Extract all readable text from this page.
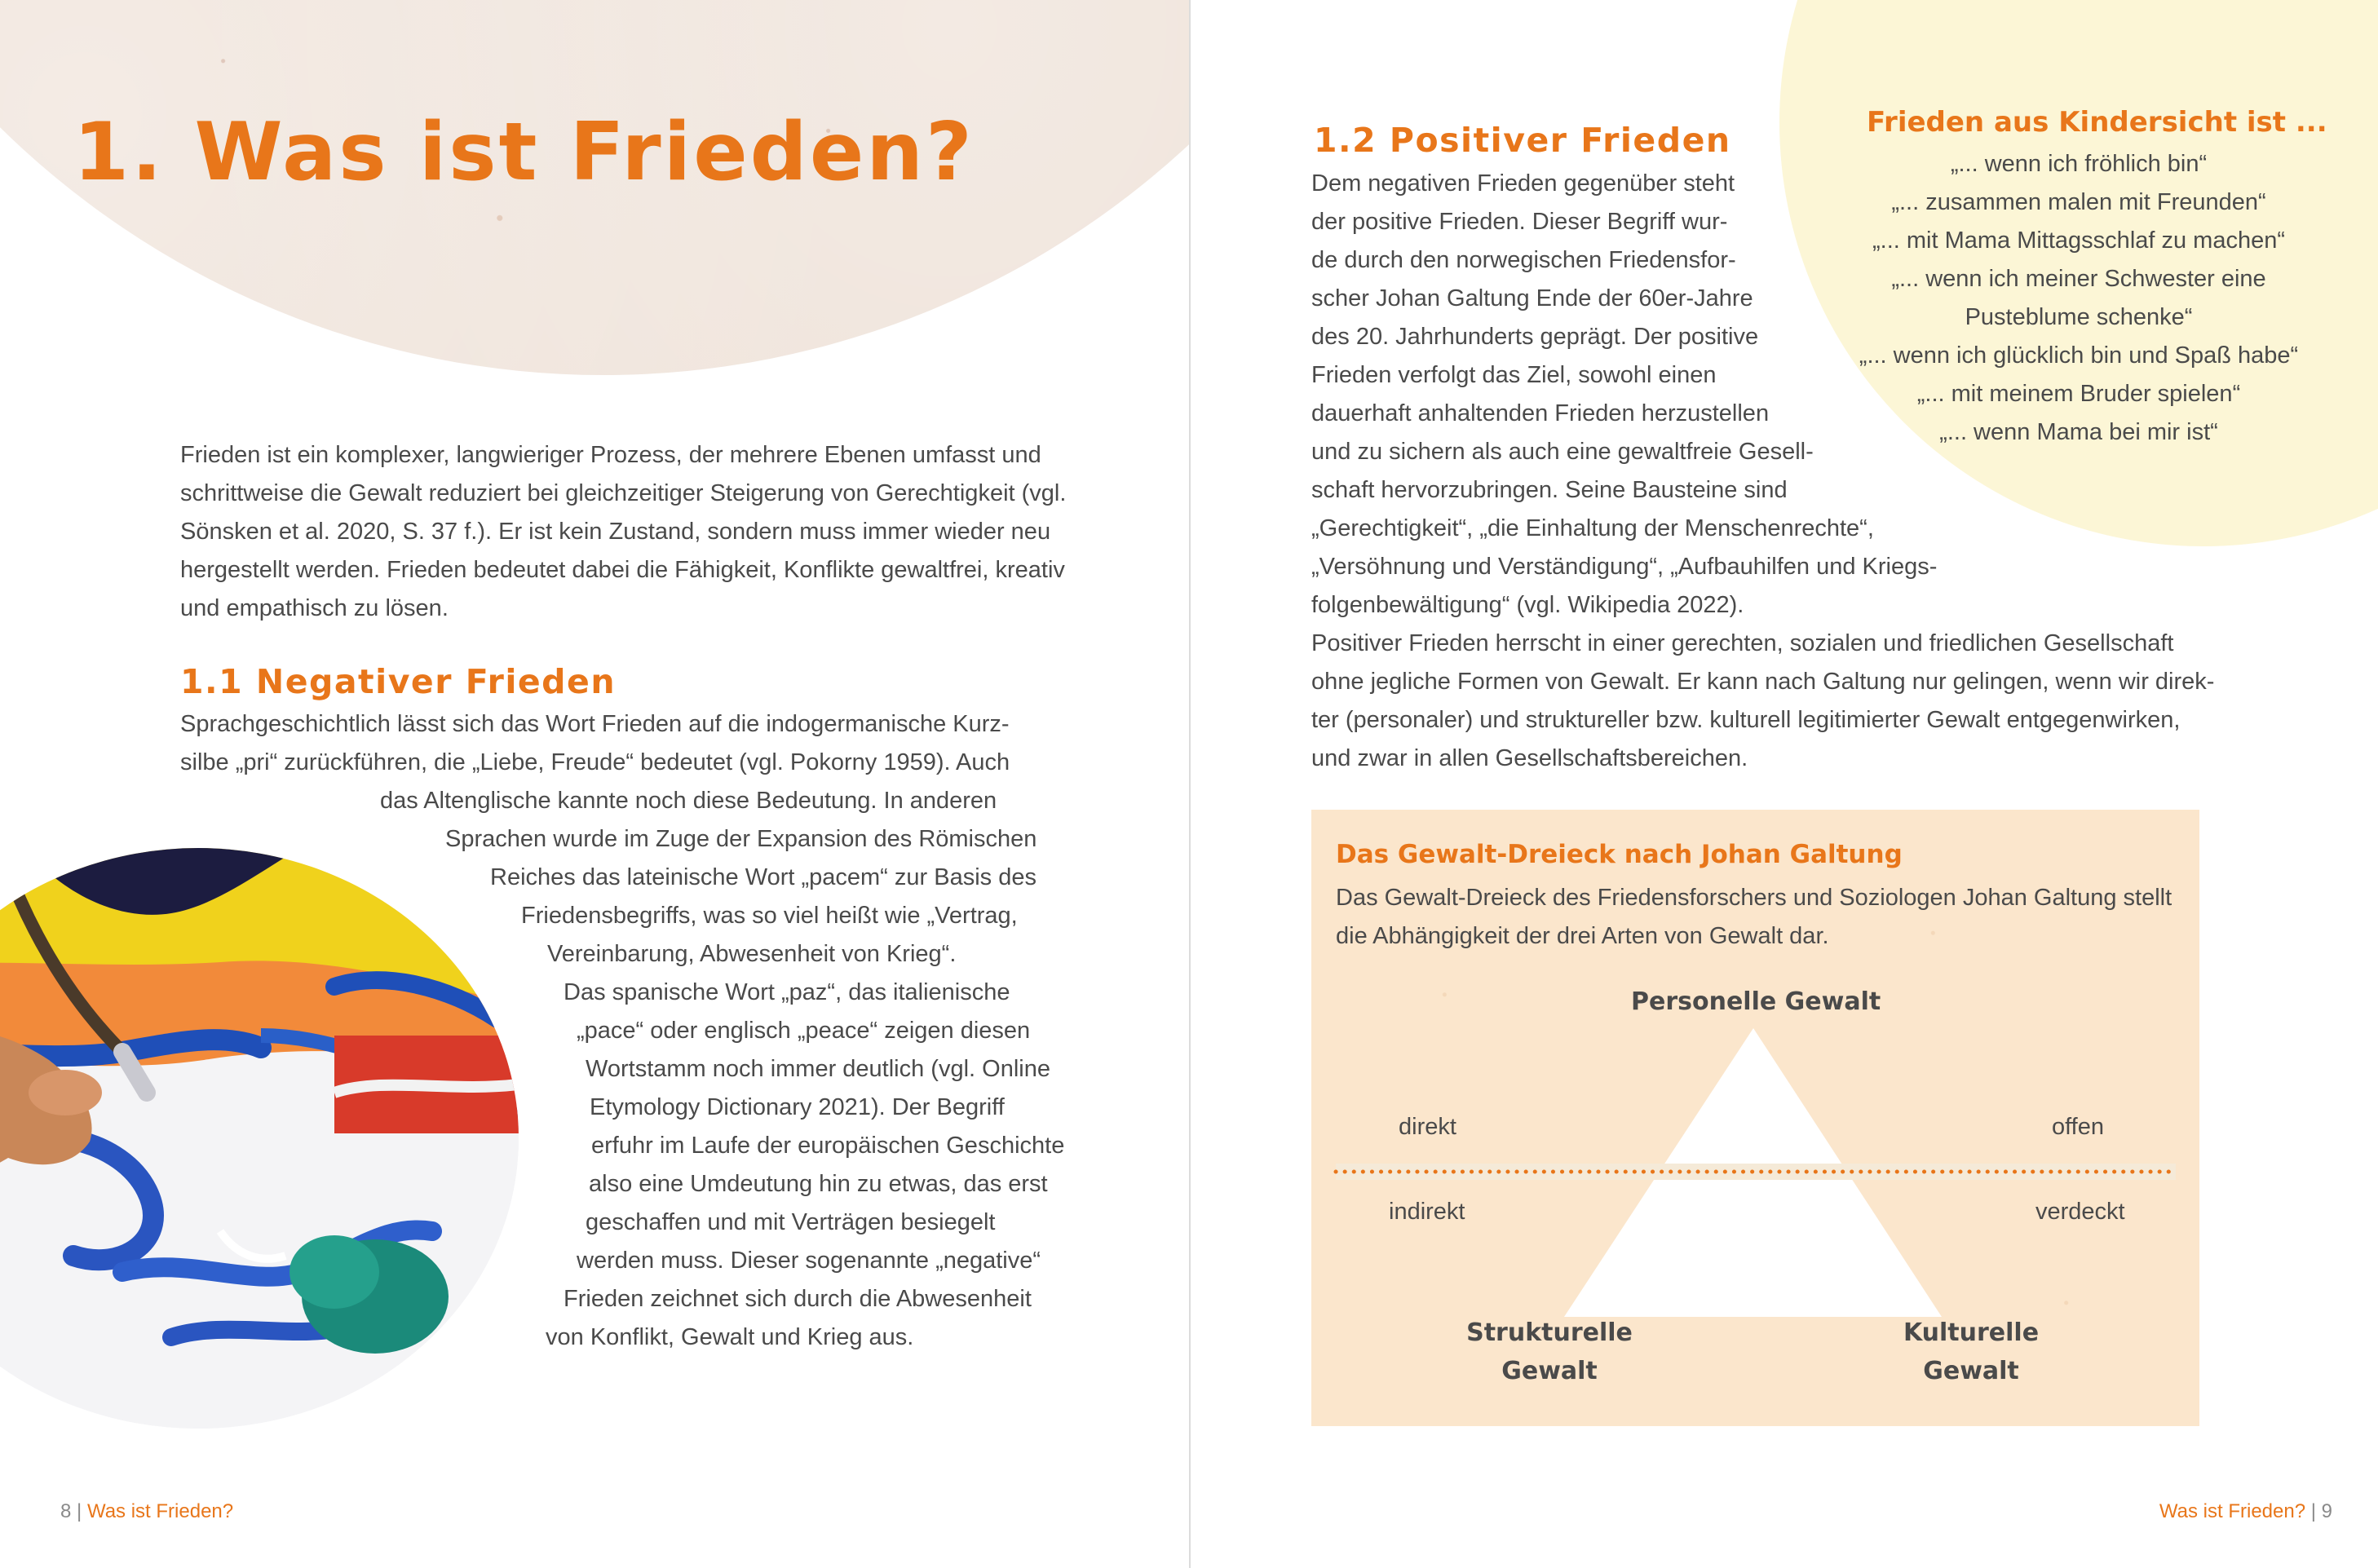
1. Was ist Frieden?
Frieden ist ein komplexer, langwieriger Prozess, der mehrere Ebenen umfasst und
schrittweise die Gewalt reduziert bei gleichzeitiger Steigerung von Gerechtigkeit (vgl.
Sönsken et al. 2020, S. 37 f.). Er ist kein Zustand, sondern muss immer wieder neu
hergestellt werden. Frieden bedeutet dabei die Fähigkeit, Konflikte gewaltfrei, kreativ
und empathisch zu lösen.
1.1 Negativer Frieden
Sprachgeschichtlich lässt sich das Wort Frieden auf die indogermanische Kurz-
silbe „pri“ zurückführen, die „Liebe, Freude“ bedeutet (vgl. Pokorny 1959). Auch
das Altenglische kannte noch diese Bedeutung. In anderen
Sprachen wurde im Zuge der Expansion des Römischen
Reiches das lateinische Wort „pacem“ zur Basis des
Friedensbegriffs, was so viel heißt wie „Vertrag,
Vereinbarung, Abwesenheit von Krieg“.
Das spanische Wort „paz“, das italienische
„pace“ oder englisch „peace“ zeigen diesen
Wortstamm noch immer deutlich (vgl. Online
Etymology Dictionary 2021). Der Begriff
erfuhr im Laufe der europäischen Geschichte
also eine Umdeutung hin zu etwas, das erst
geschaffen und mit Verträgen besiegelt
werden muss. Dieser sogenannte „negative“
Frieden zeichnet sich durch die Abwesenheit
von Konflikt, Gewalt und Krieg aus.
8 | Was ist Frieden?
1.2 Positiver Frieden
Dem negativen Frieden gegenüber steht
der positive Frieden. Dieser Begriff wur-
de durch den norwegischen Friedensfor-
scher Johan Galtung Ende der 60er-Jahre
des 20. Jahrhunderts geprägt. Der positive
Frieden verfolgt das Ziel, sowohl einen
dauerhaft anhaltenden Frieden herzustellen
und zu sichern als auch eine gewaltfreie Gesell-
schaft hervorzubringen. Seine Bausteine sind
„Gerechtigkeit“, „die Einhaltung der Menschenrechte“,
„Versöhnung und Verständigung“, „Aufbauhilfen und Kriegs-
folgenbewältigung“ (vgl. Wikipedia 2022).
Positiver Frieden herrscht in einer gerechten, sozialen und friedlichen Gesellschaft
ohne jegliche Formen von Gewalt. Er kann nach Galtung nur gelingen, wenn wir direk-
ter (personaler) und struktureller bzw. kulturell legitimierter Gewalt entgegenwirken,
und zwar in allen Gesellschaftsbereichen.
Frieden aus Kindersicht ist ...
„... wenn ich fröhlich bin“
„... zusammen malen mit Freunden“
„... mit Mama Mittagsschlaf zu machen“
„... wenn ich meiner Schwester eine
Pusteblume schenke“
„... wenn ich glücklich bin und Spaß habe“
„... mit meinem Bruder spielen“
„... wenn Mama bei mir ist“
Das Gewalt-Dreieck nach Johan Galtung
Das Gewalt-Dreieck des Friedensforschers und Soziologen Johan Galtung stellt
die Abhängigkeit der drei Arten von Gewalt dar.
Personelle Gewalt
direkt
indirekt
offen
verdeckt
Strukturelle
Gewalt
Kulturelle
Gewalt
Was ist Frieden? | 9
